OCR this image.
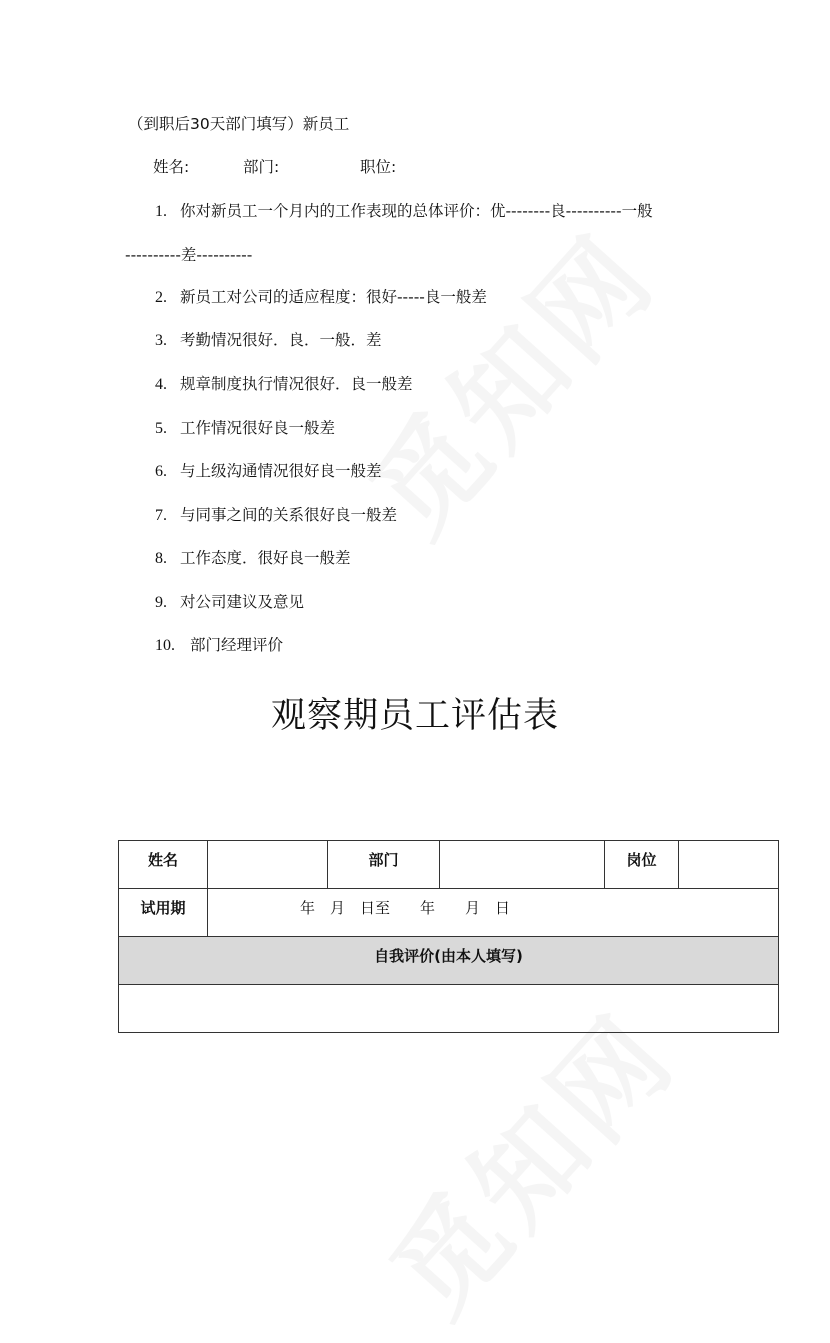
（到职后30天部门填写）新员工
姓名:	部门:	职位:
1. 你对新员工一个月内的工作表现的总体评价：优--------良----------一般
----------差----------
2. 新员工对公司的适应程度：很好-----良一般差
3. 考勤情况很好．良．一般．差
4. 规章制度执行情况很好．良一般差
5. 工作情况很好良一般差
6. 与上级沟通情况很好良一般差
7. 与同事之间的关系很好良一般差
8. 工作态度．很好良一般差
9. 对公司建议及意见
10. 部门经理评价
观察期员工评估表
姓名		部门		岗位	
试用期	年　月　日至　　年　　月　日				
自我评价(由本人填写)					
